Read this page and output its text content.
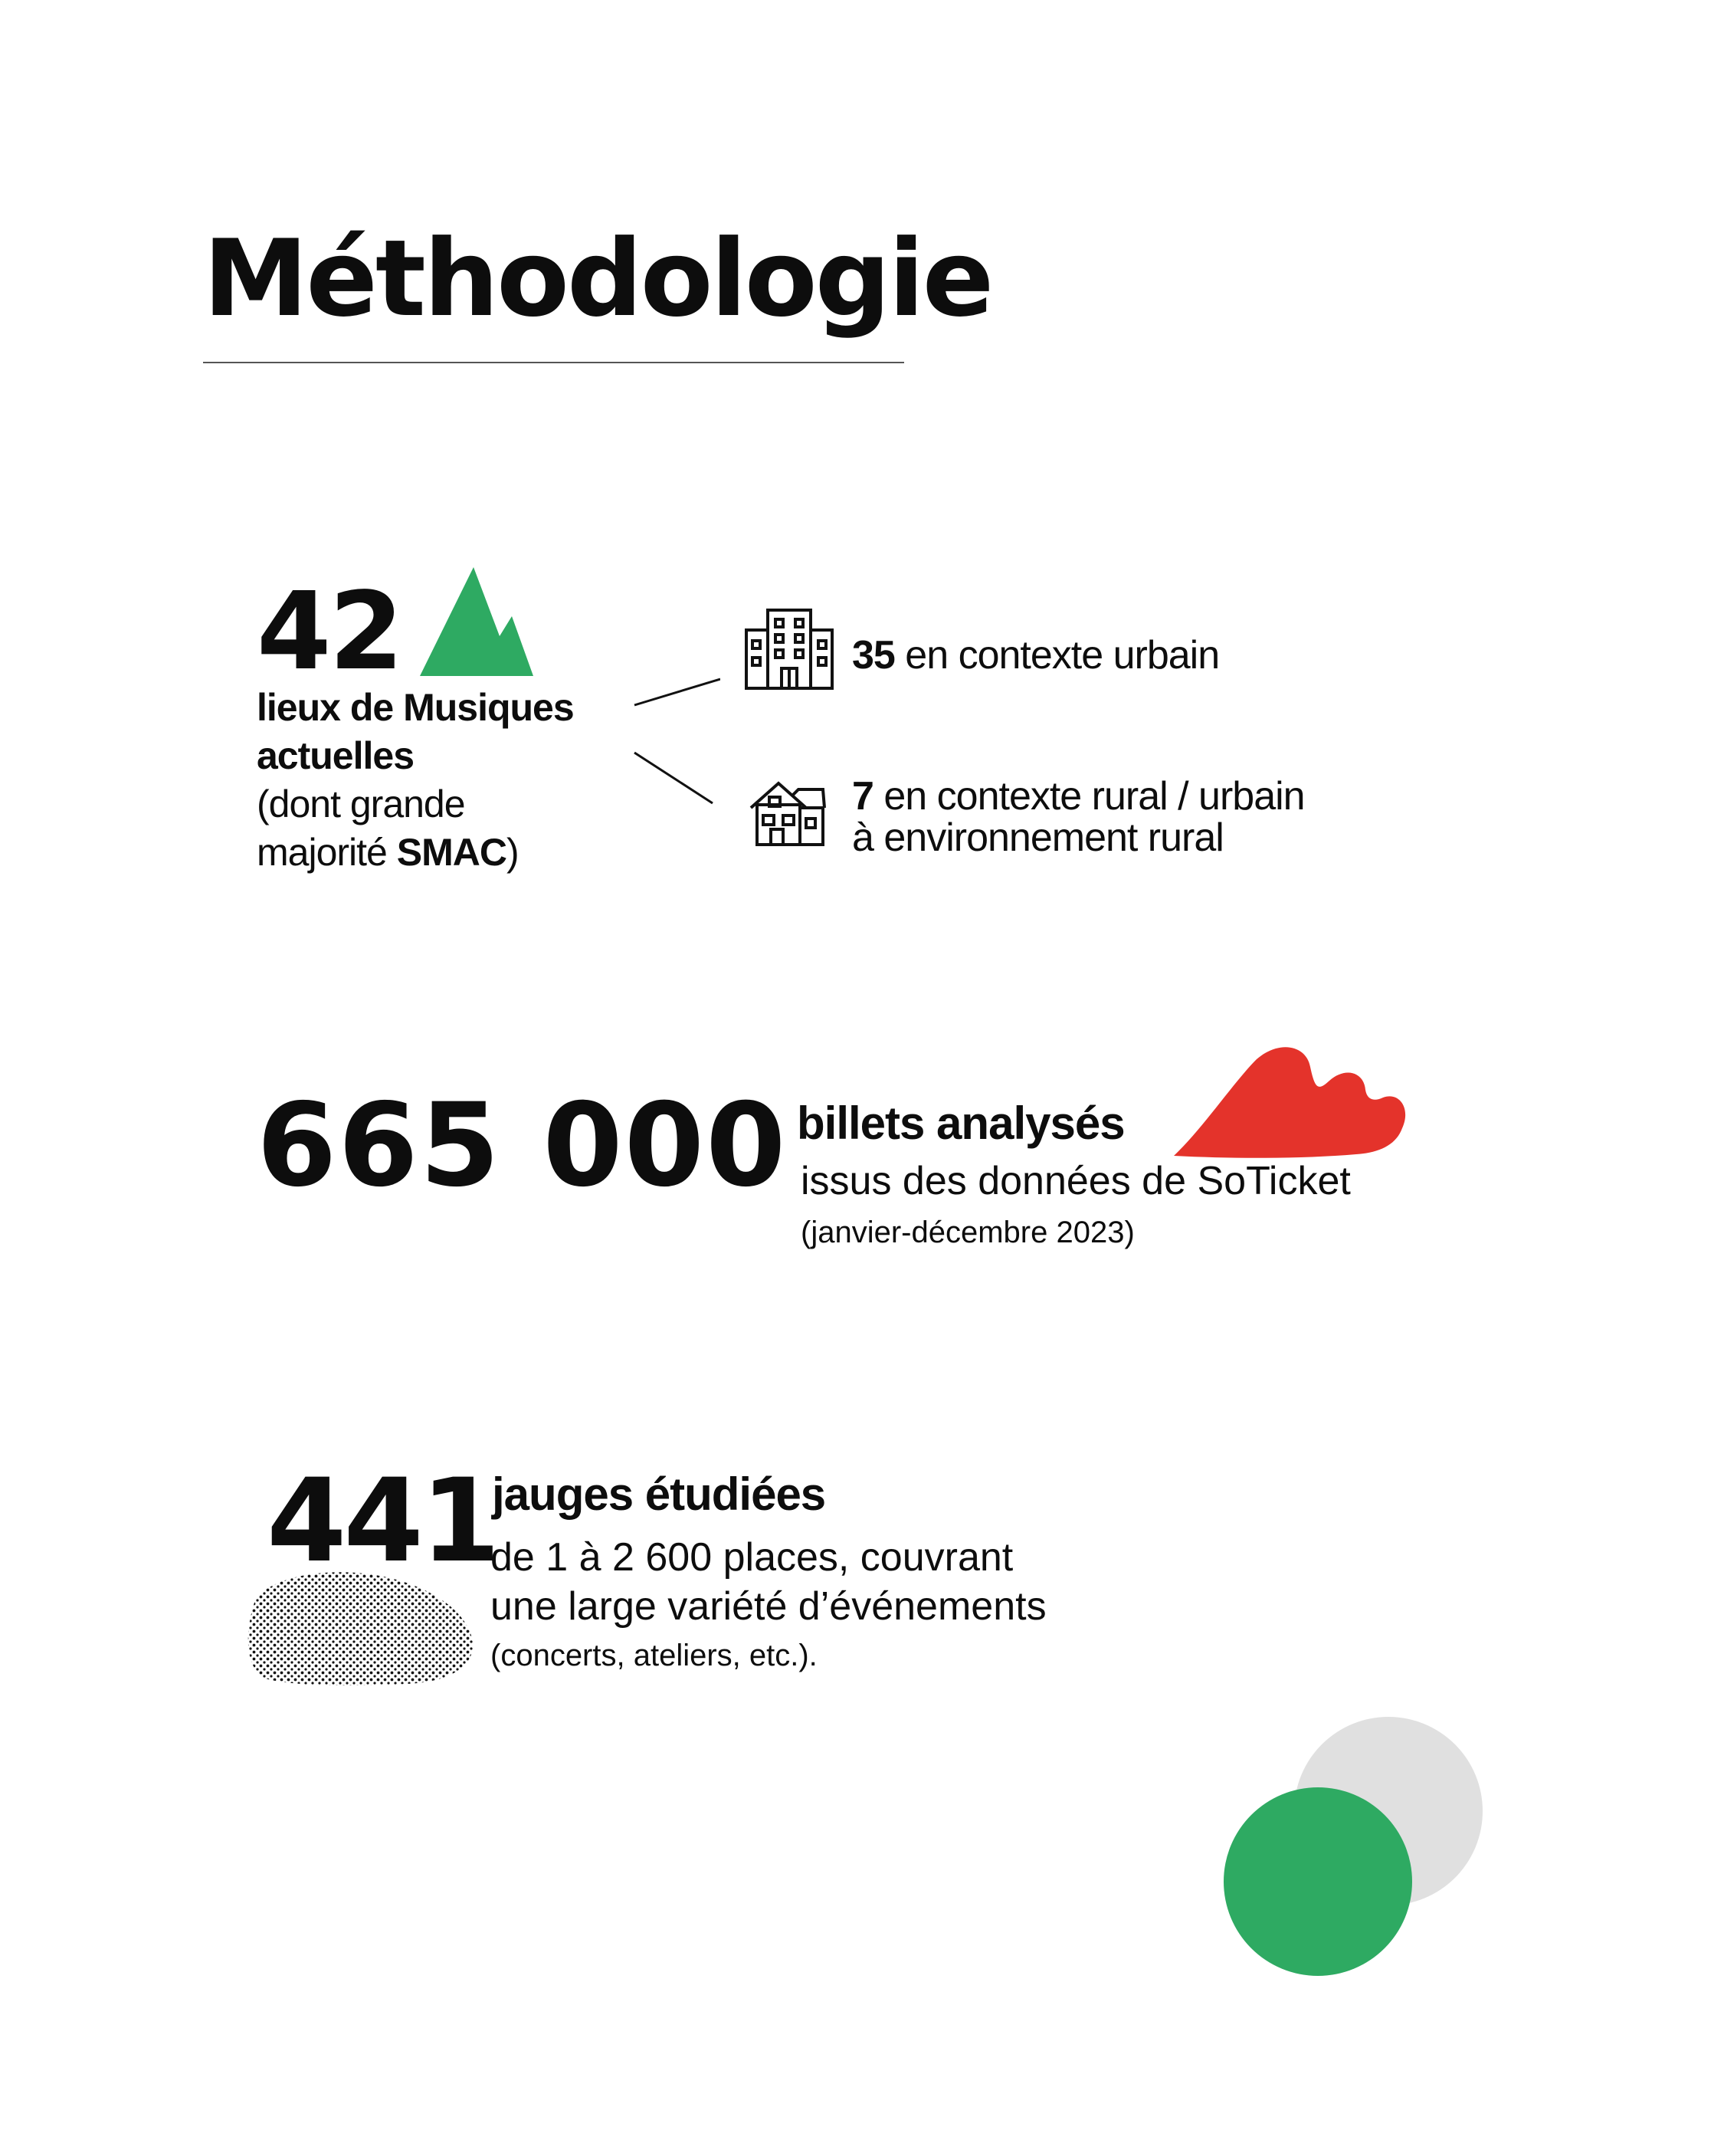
Méthodologie
42
lieux de Musiques
actuelles
(dont grande
majorité SMAC)
35 en contexte urbain
7 en contexte rural / urbain
à environnement rural
665 000 billets analysés
issus des données de SoTicket
(janvier-décembre 2023)
441
jauges étudiées
de 1 à 2 600 places, couvrant
une large variété d’événements
(concerts, ateliers, etc.).
